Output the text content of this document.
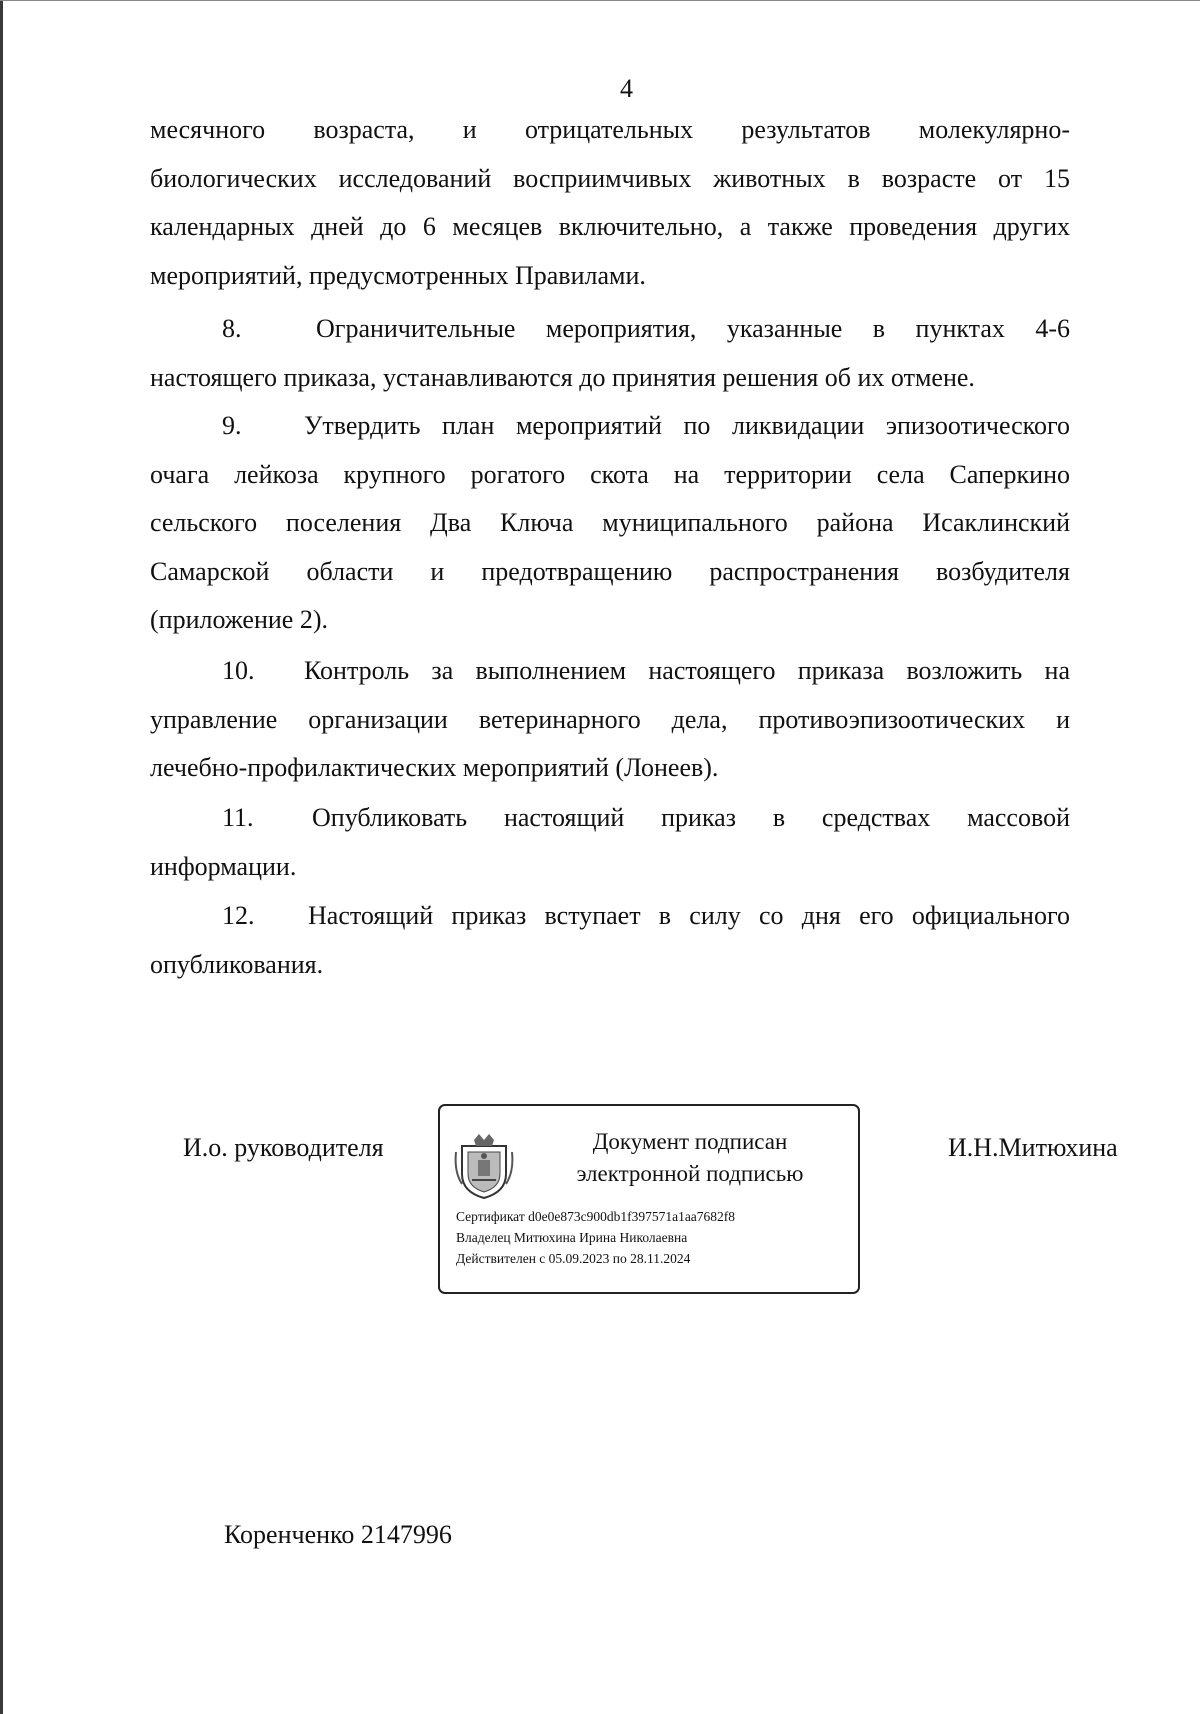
4
месячного возраста, и отрицательных результатов молекулярно-
биологических исследований восприимчивых животных в возрасте от 15
календарных дней до 6 месяцев включительно, а также проведения других
мероприятий, предусмотренных Правилами.
8.	Ограничительные мероприятия, указанные в пунктах 4-6
настоящего приказа, устанавливаются до принятия решения об их отмене.
9.	Утвердить план мероприятий по ликвидации эпизоотического
очага лейкоза крупного рогатого скота на территории села Саперкино
сельского поселения Два Ключа муниципального района Исаклинский
Самарской области и предотвращению распространения возбудителя
(приложение 2).
10.	Контроль за выполнением настоящего приказа возложить на
управление организации ветеринарного дела, противоэпизоотических и
лечебно-профилактических мероприятий (Лонеев).
11.	Опубликовать настоящий приказ в средствах массовой
информации.
12.	Настоящий приказ вступает в силу со дня его официального
опубликования.
И.о. руководителя	Документ подписан
электронной подписью
Сертификат d0e0e873c900db1f397571a1aa7682f8
Владелец Митюхина Ирина Николаевна
Действителен с 05.09.2023 по 28.11.2024
И.Н.Митюхина
Коренченко 2147996
